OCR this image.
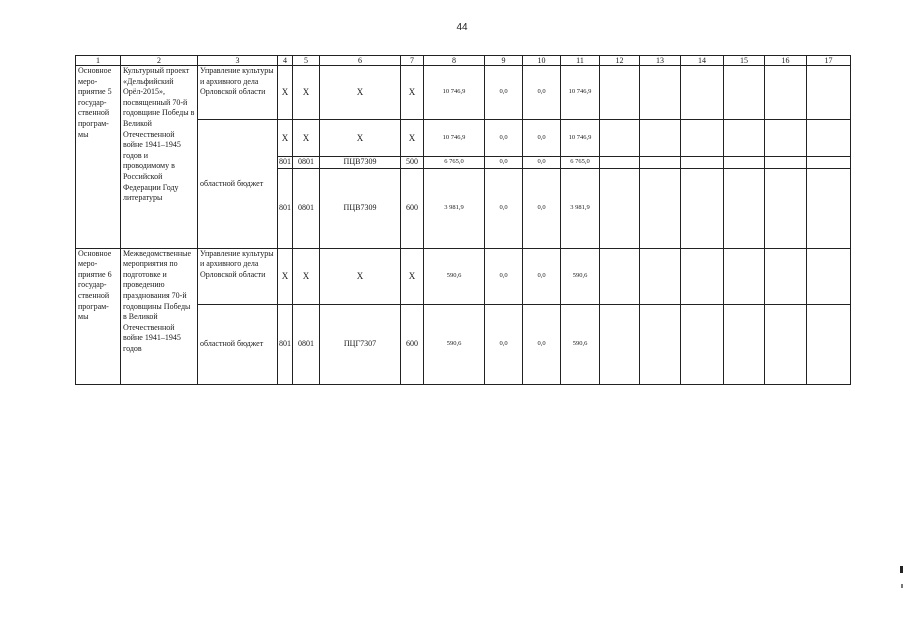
44
1	2	3	4	5	6	7	8	9	10	11	12	13	14	15	16	17
Основное меро-приятие 5 государ-ственной програм-мы	Культурный проект «Дельфийский Орёл-2015», посвященный 70-й годовщине Победы в Великой Отечественной войне 1941–1945 годов и проводимому в Российской Федерации Году литературы	Управление культуры и архивного дела Орловской области	Х	Х	Х	Х	10 746,9	0,0	0,0	10 746,9						
		областной бюджет	Х	Х	Х	Х	10 746,9	0,0	0,0	10 746,9						
			801	0801	ПЦВ7309	500	6 765,0	0,0	0,0	6 765,0						
			801	0801	ПЦВ7309	600	3 981,9	0,0	0,0	3 981,9						
Основное меро-приятие 6 государ-ственной програм-мы	Межведомственные мероприятия по подготовке и проведению празднования 70-й годовщины Победы в Великой Отечественной войне 1941–1945 годов	Управление культуры и архивного дела Орловской области	Х	Х	Х	Х	590,6	0,0	0,0	590,6						
		областной бюджет	801	0801	ПЦГ7307	600	590,6	0,0	0,0	590,6						
